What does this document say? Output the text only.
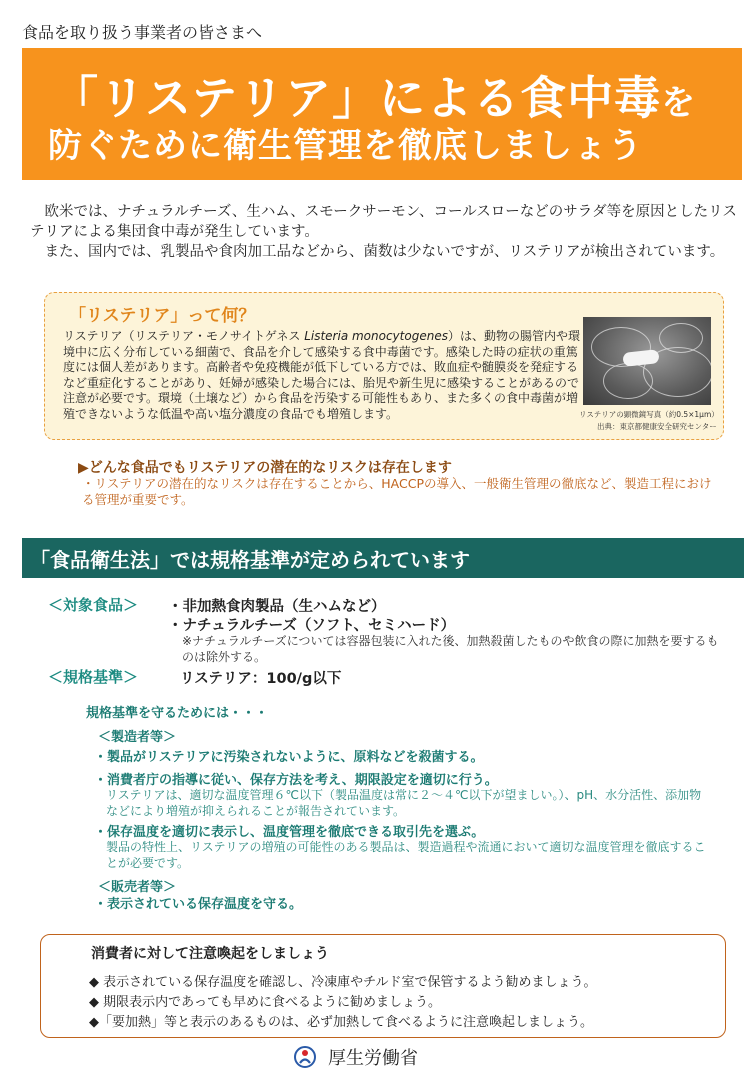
食品を取り扱う事業者の皆さまへ
「リステリア」による食中毒を
防ぐために衛生管理を徹底しましょう

欧米では、ナチュラルチーズ、生ハム、スモークサーモン、コールスローなどのサラダ等を原因としたリステリアによる集団食中毒が発生しています。

また、国内では、乳製品や食肉加工品などから、菌数は少ないですが、リステリアが検出されています。

「リステリア」って何？
リステリア（リステリア・モノサイトゲネス Listeria monocytogenes）は、動物の腸管内や環境中に広く分布している細菌で、食品を介して感染する食中毒菌です。感染した時の症状の重篤度には個人差があります。高齢者や免疫機能が低下している方では、敗血症や髄膜炎を発症するなど重症化することがあり、妊婦が感染した場合には、胎児や新生児に感染することがあるので注意が必要です。環境（土壌など）から食品を汚染する可能性もあり、また多くの食中毒菌が増殖できないような低温や高い塩分濃度の食品でも増殖します。	リステリアの顕微鏡写真（約0.5×1μm）
出典：東京都健康安全研究センター
▶どんな食品でもリステリアの潜在的なリスクは存在します
・リステリアの潜在的なリスクは存在することから、HACCPの導入、一般衛生管理の徹底など、製造工程における管理が重要です。
「食品衛生法」では規格基準が定められています
＜対象食品＞ ・非加熱食肉製品（生ハムなど）
・ナチュラルチーズ（ソフト、セミハード）
※ナチュラルチーズについては容器包装に入れた後、加熱殺菌したものや飲食の際に加熱を要するものは除外する。
＜規格基準＞	リステリア：100/g以下
規格基準を守るためには・・・
＜製造者等＞
・製品がリステリアに汚染されないように、原料などを殺菌する。
・消費者庁の指導に従い、保存方法を考え、期限設定を適切に行う。
リステリアは、適切な温度管理６℃以下（製品温度は常に２～４℃以下が望ましい。）、pH、水分活性、添加物 などにより増殖が抑えられることが報告されています。
・保存温度を適切に表示し、温度管理を徹底できる取引先を選ぶ。
製品の特性上、リステリアの増殖の可能性のある製品は、製造過程や流通において適切な温度管理を徹底することが必要です。
＜販売者等＞
・表示されている保存温度を守る。
消費者に対して注意喚起をしましょう
◆ 表示されている保存温度を確認し、冷凍庫やチルド室で保管するよう勧めましょう。
◆ 期限表示内であっても早めに食べるように勧めましょう。
◆「要加熱」等と表示のあるものは、必ず加熱して食べるように注意喚起しましょう。
厚生労働省
